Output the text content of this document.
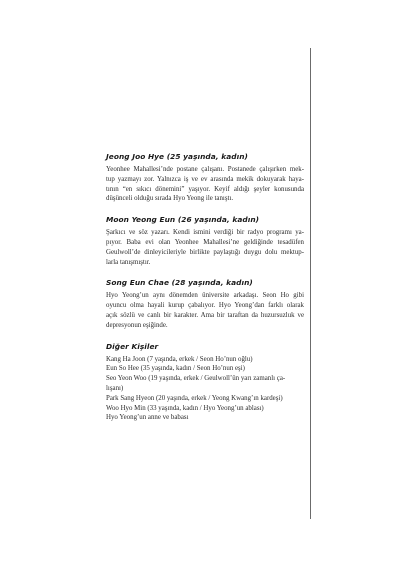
Jeong Joo Hye (25 yaşında, kadın)

Yeonhee Mahallesi’nde postane çalışanı. Postanede çalışırken mek-
tup yazmayı zor. Yalnızca iş ve ev arasında mekik dokuyarak haya-
tının “en sıkıcı dönemini” yaşıyor. Keyif aldığı şeyler konusunda
düşünceli olduğu sırada Hyo Yeong ile tanıştı.

Moon Yeong Eun (26 yaşında, kadın)

Şarkıcı ve söz yazarı. Kendi ismini verdiği bir radyo programı ya-
pıyor. Baba evi olan Yeonhee Mahallesi’ne geldiğinde tesadüfen
Geulwoll’de dinleyicileriyle birlikte paylaştığı duygu dolu mektup-
larla tanışmıştır.

Song Eun Chae (28 yaşında, kadın)

Hyo Yeong’un aynı dönemden üniversite arkadaşı. Seon Ho gibi
oyuncu olma hayali kurup çabalıyor. Hyo Yeong’dan farklı olarak
açık sözlü ve canlı bir karakter. Ama bir taraftan da huzursuzluk ve
depresyonun eşiğinde.

Diğer Kişiler
Kang Ha Joon (7 yaşında, erkek / Seon Ho’nun oğlu)
Eun So Hee (35 yaşında, kadın / Seon Ho’nun eşi)
Seo Yeon Woo (19 yaşında, erkek / Geulwoll’ün yarı zamanlı ça-
lışanı)
Park Sang Hyeon (20 yaşında, erkek / Yeong Kwang’ın kardeşi)
Woo Hyo Min (33 yaşında, kadın / Hyo Yeong’un ablası)
Hyo Yeong’un anne ve babası
